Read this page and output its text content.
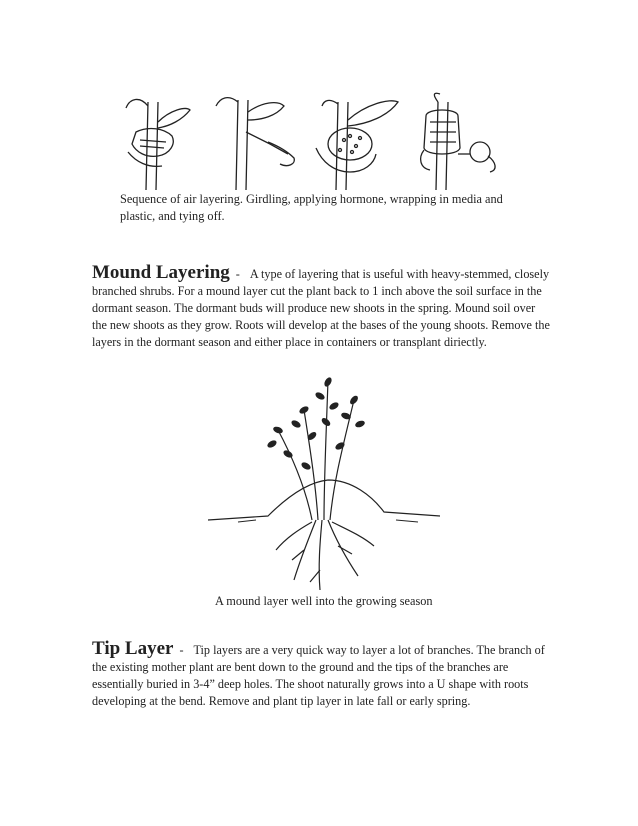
Sequence of air layering. Girdling, applying hormone, wrapping in media and plastic, and tying off.
Mound Layering - A type of layering that is useful with heavy-stemmed, closely branched shrubs. For a mound layer cut the plant back to 1 inch above the soil surface in the dormant season. The dormant buds will produce new shoots in the spring. Mound soil over the new shoots as they grow. Roots will develop at the bases of the young shoots. Remove the layers in the dormant season and either place in containers or transplant diriectly.
A mound layer well into the growing season
Tip Layer - Tip layers are a very quick way to layer a lot of branches. The branch of the existing mother plant are bent down to the ground and the tips of the branches are essentially buried in 3-4” deep holes. The shoot naturally grows into a U shape with roots developing at the bend. Remove and plant tip layer in late fall or early spring.
